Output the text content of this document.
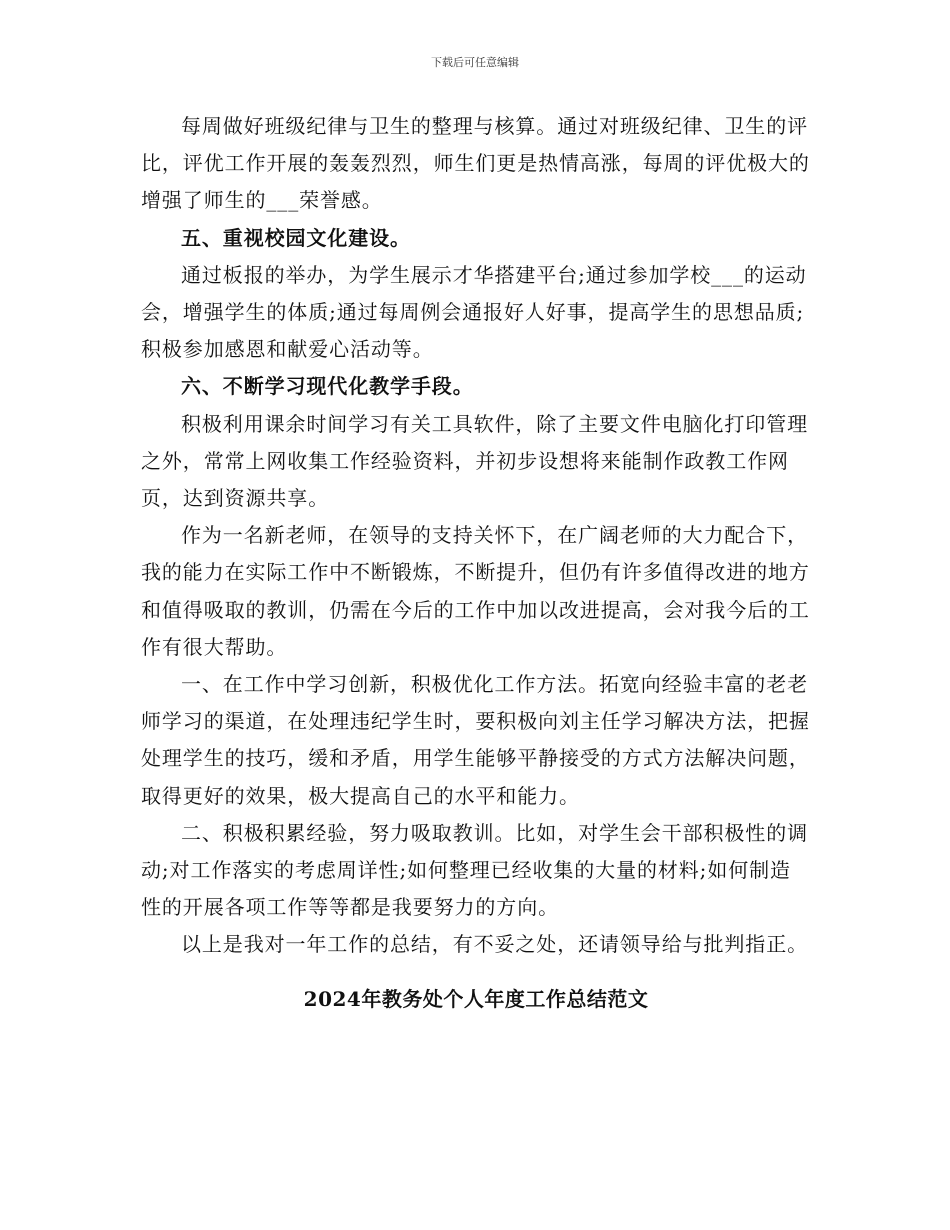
下载后可任意编辑

每周做好班级纪律与卫生的整理与核算。通过对班级纪律、卫生的评比，评优工作开展的轰轰烈烈，师生们更是热情高涨，每周的评优极大的增强了师生的___荣誉感。

五、重视校园文化建设。

通过板报的举办，为学生展示才华搭建平台;通过参加学校___的运动会，增强学生的体质;通过每周例会通报好人好事，提高学生的思想品质;积极参加感恩和献爱心活动等。

六、不断学习现代化教学手段。

积极利用课余时间学习有关工具软件，除了主要文件电脑化打印管理之外，常常上网收集工作经验资料，并初步设想将来能制作政教工作网页，达到资源共享。

作为一名新老师，在领导的支持关怀下，在广阔老师的大力配合下，我的能力在实际工作中不断锻炼，不断提升，但仍有许多值得改进的地方和值得吸取的教训，仍需在今后的工作中加以改进提高，会对我今后的工作有很大帮助。

一、在工作中学习创新，积极优化工作方法。拓宽向经验丰富的老老师学习的渠道，在处理违纪学生时，要积极向刘主任学习解决方法，把握处理学生的技巧，缓和矛盾，用学生能够平静接受的方式方法解决问题，取得更好的效果，极大提高自己的水平和能力。

二、积极积累经验，努力吸取教训。比如，对学生会干部积极性的调动;对工作落实的考虑周详性;如何整理已经收集的大量的材料;如何制造性的开展各项工作等等都是我要努力的方向。

以上是我对一年工作的总结，有不妥之处，还请领导给与批判指正。

2024年教务处个人年度工作总结范文
